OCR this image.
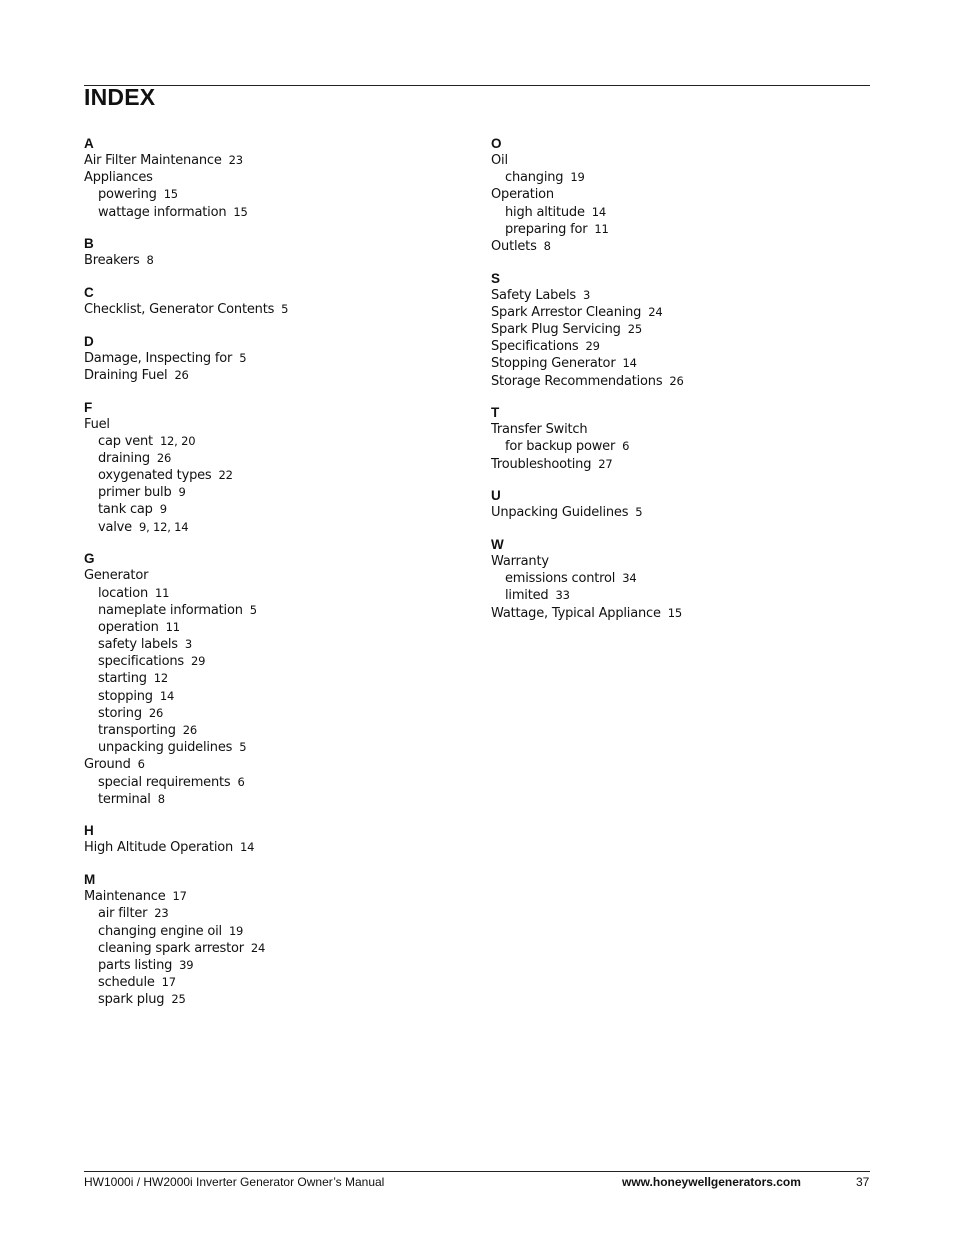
INDEX
A
Air Filter Maintenance 23
Appliances
powering 15
wattage information 15
B
Breakers 8
C
Checklist, Generator Contents 5
D
Damage, Inspecting for 5
Draining Fuel 26
F
Fuel
cap vent 12, 20
draining 26
oxygenated types 22
primer bulb 9
tank cap 9
valve 9, 12, 14
G
Generator
location 11
nameplate information 5
operation 11
safety labels 3
specifications 29
starting 12
stopping 14
storing 26
transporting 26
unpacking guidelines 5
Ground 6
special requirements 6
terminal 8
H
High Altitude Operation 14
M
Maintenance 17
air filter 23
changing engine oil 19
cleaning spark arrestor 24
parts listing 39
schedule 17
spark plug 25
O
Oil
changing 19
Operation
high altitude 14
preparing for 11
Outlets 8
S
Safety Labels 3
Spark Arrestor Cleaning 24
Spark Plug Servicing 25
Specifications 29
Stopping Generator 14
Storage Recommendations 26
T
Transfer Switch
for backup power 6
Troubleshooting 27
U
Unpacking Guidelines 5
W
Warranty
emissions control 34
limited 33
Wattage, Typical Appliance 15
HW1000i / HW2000i Inverter Generator Owner’s Manual	www.honeywellgenerators.com	37
